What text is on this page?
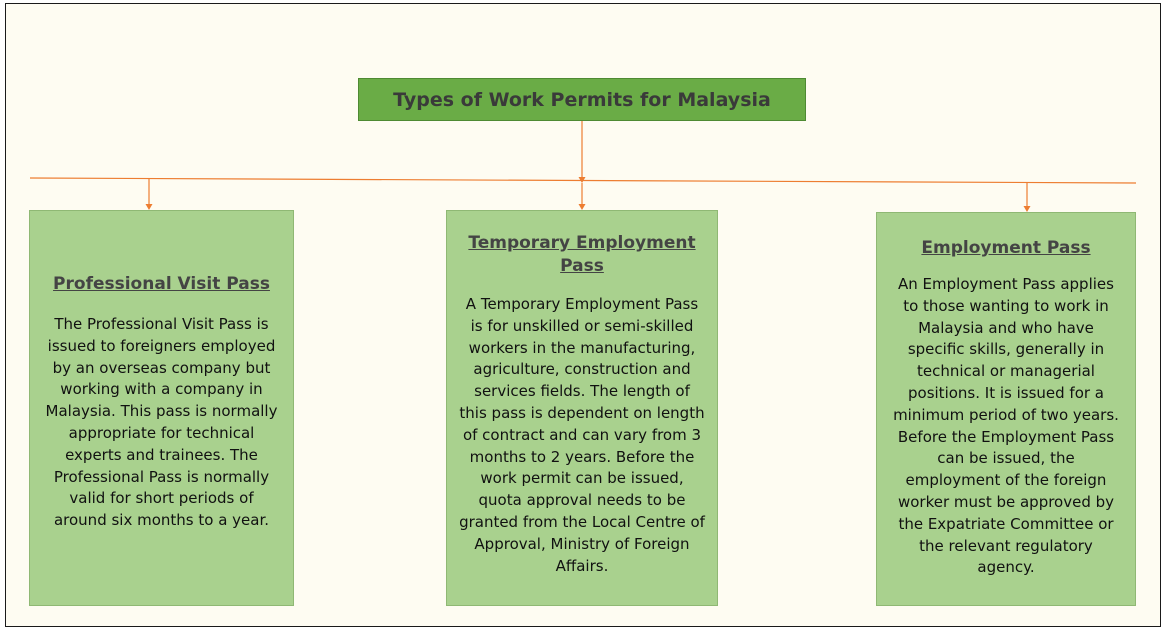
Types of Work Permits for Malaysia
Professional Visit Pass
The Professional Visit Pass is issued to foreigners employed by an overseas company but working with a company in Malaysia. This pass is normally appropriate for technical experts and trainees. The Professional Pass is normally valid for short periods of around six months to a year.
Temporary Employment Pass
A Temporary Employment Pass is for unskilled or semi-skilled workers in the manufacturing, agriculture, construction and services fields. The length of this pass is dependent on length of contract and can vary from 3 months to 2 years. Before the work permit can be issued, quota approval needs to be granted from the Local Centre of Approval, Ministry of Foreign Affairs.
Employment Pass
An Employment Pass applies to those wanting to work in Malaysia and who have specific skills, generally in technical or managerial positions. It is issued for a minimum period of two years. Before the Employment Pass can be issued, the employment of the foreign worker must be approved by the Expatriate Committee or the relevant regulatory agency.
